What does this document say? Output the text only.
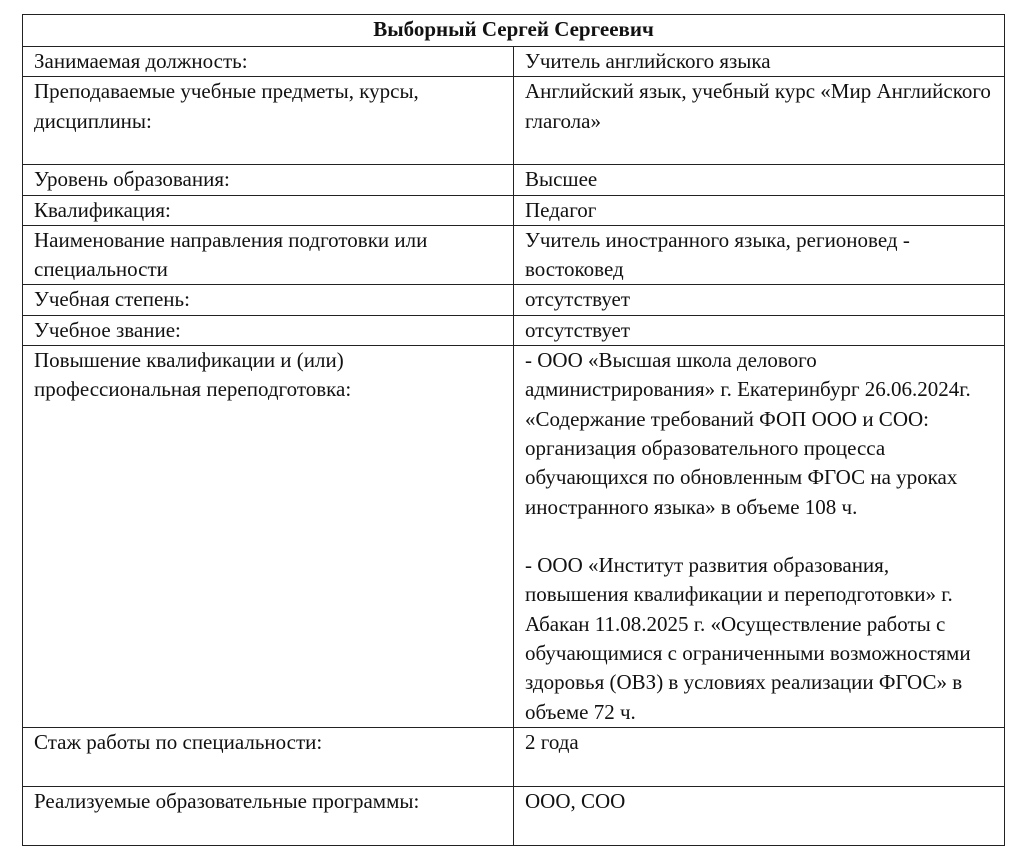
Выборный Сергей Сергеевич	
Занимаемая должность:	Учитель английского языка

Преподаваемые учебные предметы, курсы, дисциплины:	Английский язык, учебный курс «Мир Английского глагола»

Уровень образования:	Высшее

Квалификация:	Педагог

Наименование направления подготовки или специальности	Учитель иностранного языка, регионовед - востоковед

Учебная степень:	отсутствует

Учебное звание:	отсутствует

Повышение квалификации и (или) профессиональная переподготовка:	- ООО «Высшая школа делового администрирования» г. Екатеринбург 26.06.2024г. «Содержание требований ФОП ООО и СОО: организация образовательного процесса обучающихся по обновленным ФГОС на уроках иностранного языка» в объеме 108 ч.

- ООО «Институт развития образования, повышения квалификации и переподготовки» г. Абакан 11.08.2025 г. «Осуществление работы с обучающимися с ограниченными возможностями здоровья (ОВЗ) в условиях реализации ФГОС» в объеме 72 ч.

Стаж работы по специальности:	2 года

Реализуемые образовательные программы:	ООО, СОО
